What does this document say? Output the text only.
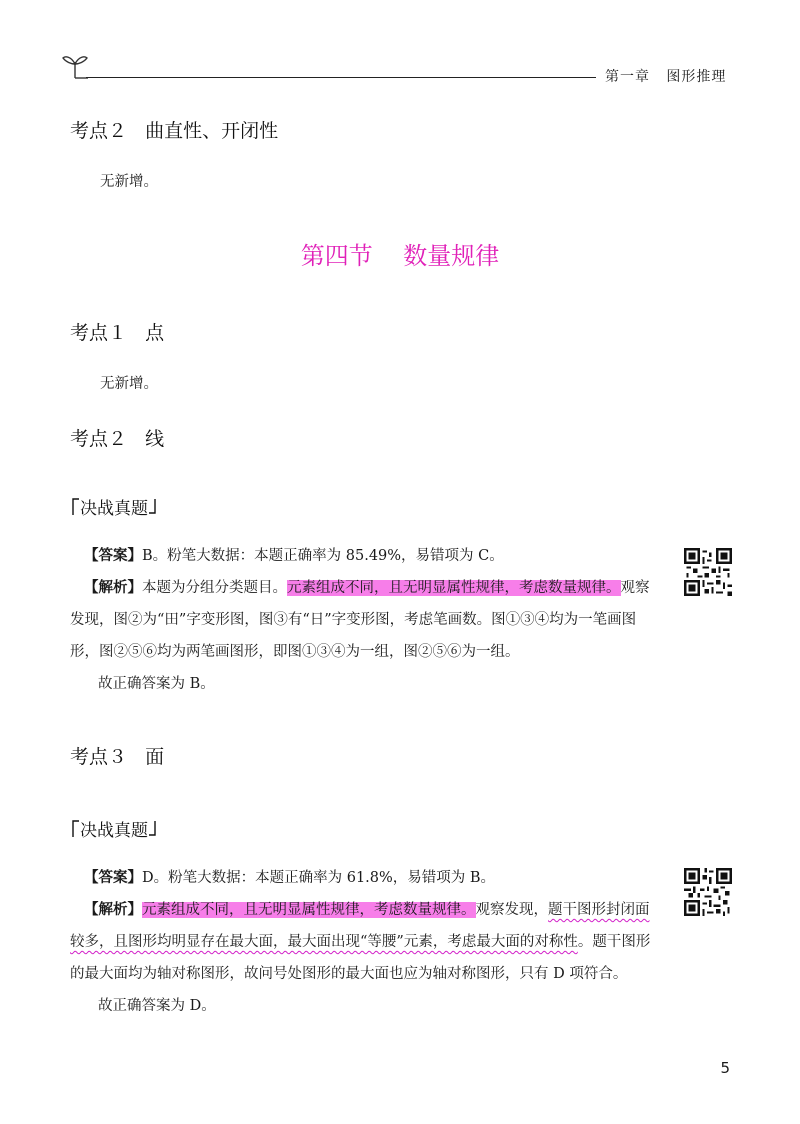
第一章   图形推理
考点２   曲直性、开闭性
无新增。
第四节    数量规律
考点１   点
无新增。
考点２   线
决战真题
【答案】B。粉笔大数据：本题正确率为 85.49%，易错项为 C。
【解析】本题为分组分类题目。元素组成不同，且无明显属性规律，考虑数量规律。观察发现，图②为“田”字变形图，图③有“日”字变形图，考虑笔画数。图①③④均为一笔画图形，图②⑤⑥均为两笔画图形，即图①③④为一组，图②⑤⑥为一组。
故正确答案为 B。
考点３   面
决战真题
【答案】D。粉笔大数据：本题正确率为 61.8%，易错项为 B。
【解析】元素组成不同，且无明显属性规律，考虑数量规律。观察发现，题干图形封闭面较多，且图形均明显存在最大面，最大面出现“等腰”元素，考虑最大面的对称性。题干图形的最大面均为轴对称图形，故问号处图形的最大面也应为轴对称图形，只有 D 项符合。
故正确答案为 D。
5
